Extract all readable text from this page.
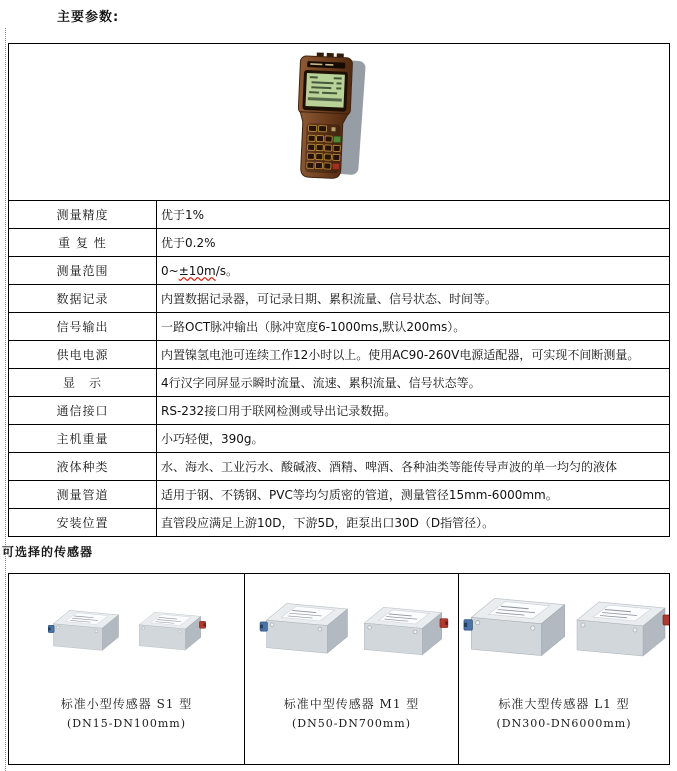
主要参数:
测量精度	优于1%
重 复 性	优于0.2%
测量范围	0~ ±10m /s。
数据记录	内置数据记录器，可记录日期、累积流量、信号状态、时间等。
信号输出	一路OCT脉冲输出（脉冲宽度6-1000ms,默认200ms）。
供电电源	内置镍氢电池可连续工作12小时以上。使用AC90-260V电源适配器，可实现不间断测量。
显　示	4行汉字同屏显示瞬时流量、流速、累积流量、信号状态等。
通信接口	RS-232接口用于联网检测或导出记录数据。
主机重量	小巧轻便，390g。
液体种类	水、海水、工业污水、酸碱液、酒精、啤酒、各种油类等能传导声波的单一均匀的液体
测量管道	适用于钢、不锈钢、PVC等均匀质密的管道，测量管径15mm-6000mm。
安装位置	直管段应满足上游10D，下游5D，距泵出口30D（D指管径）。
可选择的传感器
标准小型传感器 S1 型
(DN15-DN100mm)
标准中型传感器 M1 型
(DN50-DN700mm)
标准大型传感器 L1 型
(DN300-DN6000mm)
